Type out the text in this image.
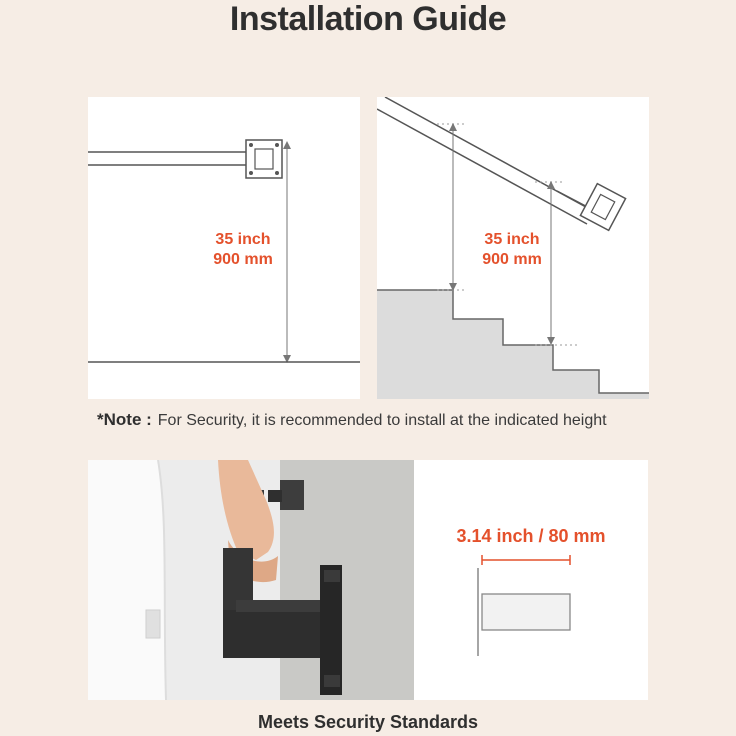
Installation Guide
35 inch
900 mm
35 inch
900 mm
*Note : For Security, it is recommended to install at the indicated height
3.14 inch / 80 mm
Meets Security Standards
